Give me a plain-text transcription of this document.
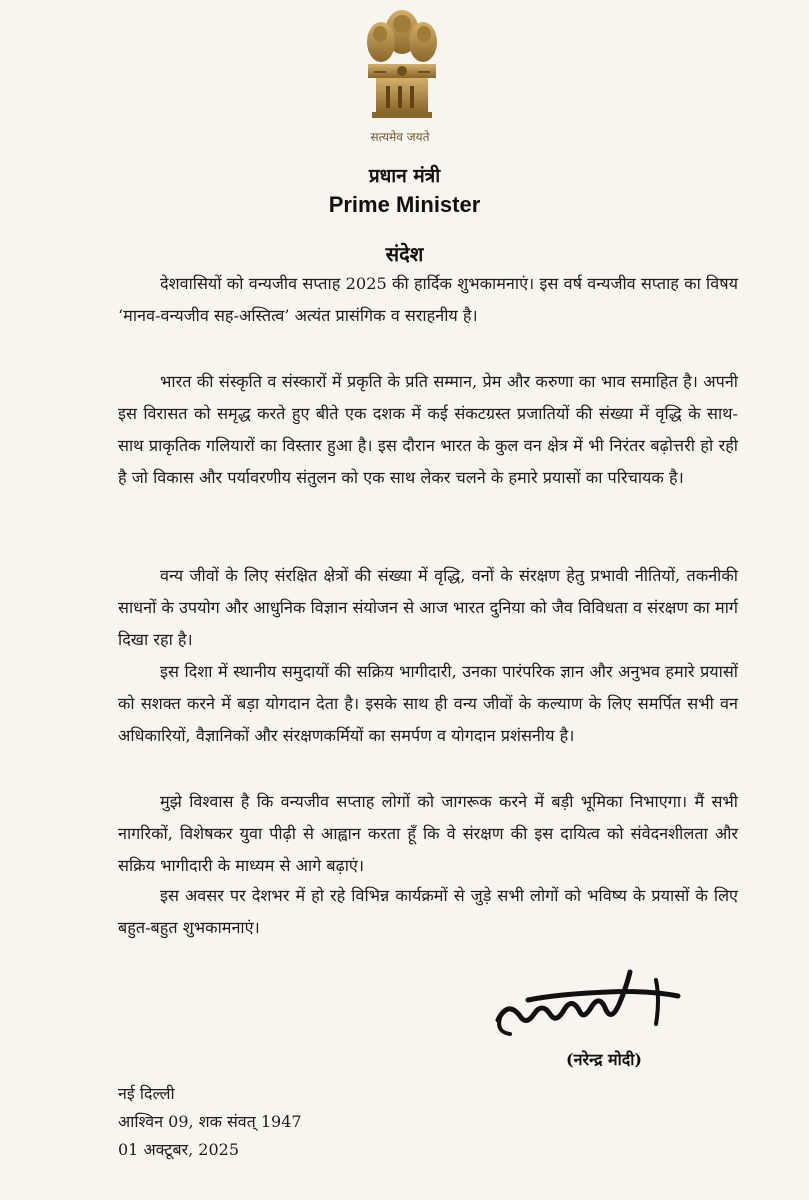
सत्यमेव जयते
प्रधान मंत्री
Prime Minister
संदेश

देशवासियों को वन्यजीव सप्ताह 2025 की हार्दिक शुभकामनाएं। इस वर्ष वन्यजीव सप्ताह का विषय ‘मानव-वन्यजीव सह-अस्तित्व’ अत्यंत प्रासंगिक व सराहनीय है।

भारत की संस्कृति व संस्कारों में प्रकृति के प्रति सम्मान, प्रेम और करुणा का भाव समाहित है। अपनी इस विरासत को समृद्ध करते हुए बीते एक दशक में कई संकटग्रस्त प्रजातियों की संख्या में वृद्धि के साथ-साथ प्राकृतिक गलियारों का विस्तार हुआ है। इस दौरान भारत के कुल वन क्षेत्र में भी निरंतर बढ़ोत्तरी हो रही है जो विकास और पर्यावरणीय संतुलन को एक साथ लेकर चलने के हमारे प्रयासों का परिचायक है।

वन्य जीवों के लिए संरक्षित क्षेत्रों की संख्या में वृद्धि, वनों के संरक्षण हेतु प्रभावी नीतियों, तकनीकी साधनों के उपयोग और आधुनिक विज्ञान संयोजन से आज भारत दुनिया को जैव विविधता व संरक्षण का मार्ग दिखा रहा है।

इस दिशा में स्थानीय समुदायों की सक्रिय भागीदारी, उनका पारंपरिक ज्ञान और अनुभव हमारे प्रयासों को सशक्त करने में बड़ा योगदान देता है। इसके साथ ही वन्य जीवों के कल्याण के लिए समर्पित सभी वन अधिकारियों, वैज्ञानिकों और संरक्षणकर्मियों का समर्पण व योगदान प्रशंसनीय है।

मुझे विश्वास है कि वन्यजीव सप्ताह लोगों को जागरूक करने में बड़ी भूमिका निभाएगा। मैं सभी नागरिकों, विशेषकर युवा पीढ़ी से आह्वान करता हूँ कि वे संरक्षण की इस दायित्व को संवेदनशीलता और सक्रिय भागीदारी के माध्यम से आगे बढ़ाएं।

इस अवसर पर देशभर में हो रहे विभिन्न कार्यक्रमों से जुड़े सभी लोगों को भविष्य के प्रयासों के लिए बहुत-बहुत शुभकामनाएं।

(नरेन्द्र मोदी)
नई दिल्ली
आश्विन 09, शक संवत् 1947
01 अक्टूबर, 2025
